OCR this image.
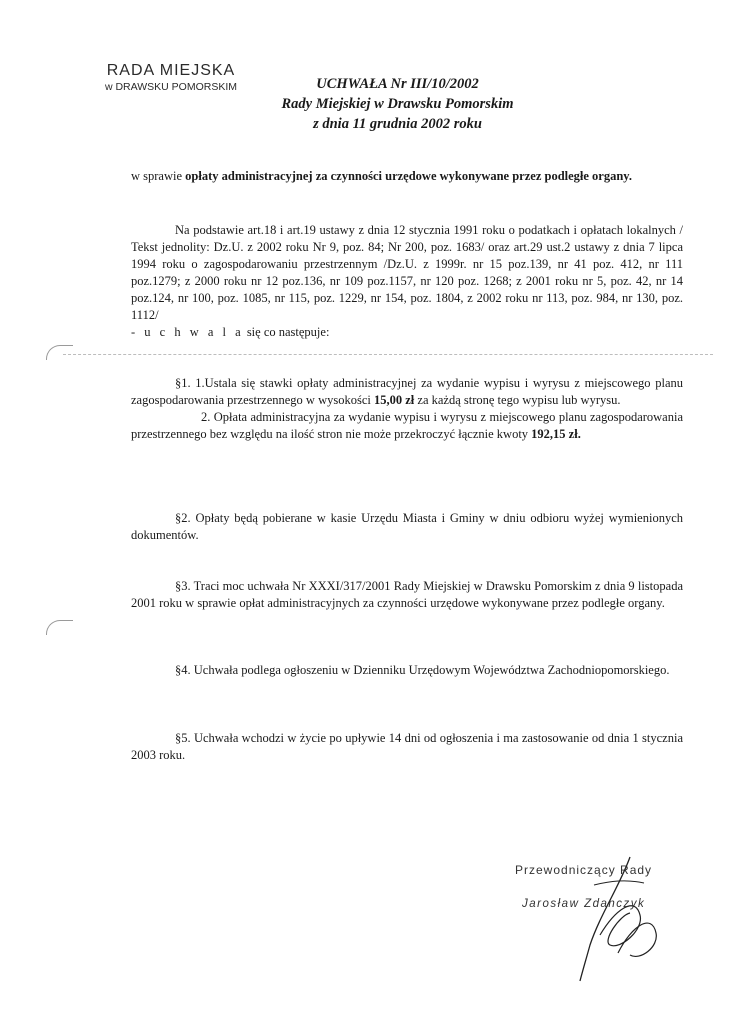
RADA MIEJSKA
w DRAWSKU POMORSKIM	UCHWAŁA Nr III/10/2002
Rady Miejskiej w Drawsku Pomorskim
z dnia 11 grudnia 2002 roku

w sprawie opłaty administracyjnej za czynności urzędowe wykonywane przez podległe organy.

Na podstawie art.18 i art.19 ustawy z dnia 12 stycznia 1991 roku o podatkach i opłatach lokalnych / Tekst jednolity: Dz.U. z 2002 roku Nr 9, poz. 84; Nr 200, poz. 1683/ oraz art.29 ust.2 ustawy z dnia 7 lipca 1994 roku o zagospodarowaniu przestrzennym /Dz.U. z 1999r. nr 15 poz.139, nr 41 poz. 412, nr 111 poz.1279; z 2000 roku nr 12 poz.136, nr 109 poz.1157, nr 120 poz. 1268; z 2001 roku nr 5, poz. 42, nr 14 poz.124, nr 100, poz. 1085, nr 115, poz. 1229, nr 154, poz. 1804, z 2002 roku nr 113, poz. 984, nr 130, poz. 1112/

- u c h w a l a się co następuje:

§1. 1.Ustala się stawki opłaty administracyjnej za wydanie wypisu i wyrysu z miejscowego planu zagospodarowania przestrzennego w wysokości 15,00 zł za każdą stronę tego wypisu lub wyrysu.

2. Opłata administracyjna za wydanie wypisu i wyrysu z miejscowego planu zagospodarowania przestrzennego bez względu na ilość stron nie może przekroczyć łącznie kwoty 192,15 zł.

§2. Opłaty będą pobierane w kasie Urzędu Miasta i Gminy w dniu odbioru wyżej wymienionych dokumentów.

§3. Traci moc uchwała Nr XXXI/317/2001 Rady Miejskiej w Drawsku Pomorskim z dnia 9 listopada 2001 roku w sprawie opłat administracyjnych za czynności urzędowe wykonywane przez podległe organy.

§4. Uchwała podlega ogłoszeniu w Dzienniku Urzędowym Województwa Zachodniopomorskiego.

§5. Uchwała wchodzi w życie po upływie 14 dni od ogłoszenia i ma zastosowanie od dnia 1 stycznia 2003 roku.

Przewodniczący Rady
Jarosław Zdanczyk
